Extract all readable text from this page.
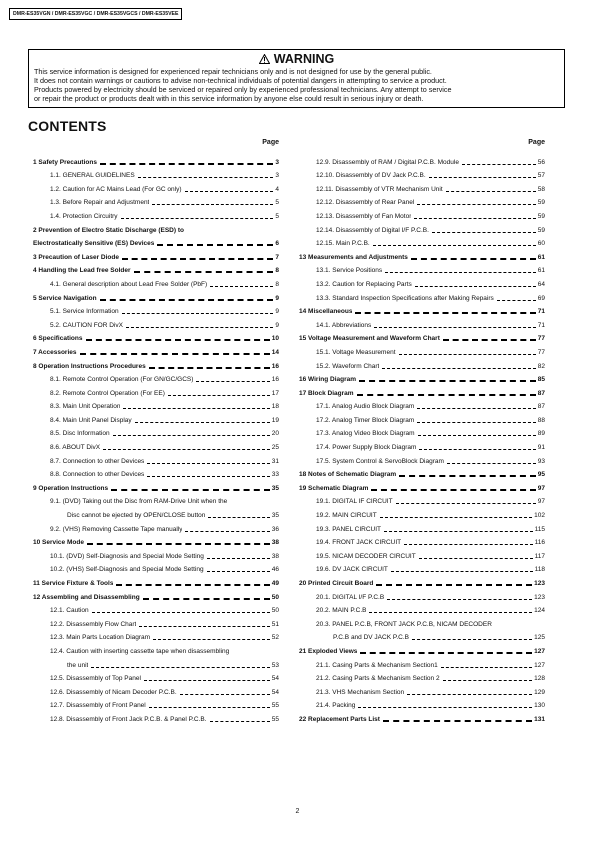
DMR-ES35VGN / DMR-ES35VGC / DMR-ES35VGCS / DMR-ES35VEE
WARNING
This service information is designed for experienced repair technicians only and is not designed for use by the general public.
It does not contain warnings or cautions to advise non-technical individuals of potential dangers in attempting to service a product.
Products powered by electricity should be serviced or repaired only by experienced professional technicians. Any attempt to service
or repair the product or products dealt with in this service information by anyone else could result in serious injury or death.
CONTENTS
Page
1 Safety Precautions	3
1.1. GENERAL GUIDELINES	3
1.2. Caution for AC Mains Lead (For GC only)	4
1.3. Before Repair and Adjustment	5
1.4. Protection Circuitry	5
2 Prevention of Electro Static Discharge (ESD) to
Electrostatically Sensitive (ES) Devices	6
3 Precaution of Laser Diode	7
4 Handling the Lead free Solder	8
4.1. General description about Lead Free Solder (PbF)	8
5 Service Navigation	9
5.1. Service Information	9
5.2. CAUTION FOR DivX	9
6 Specifications	10
7 Accessories	14
8 Operation Instructions Procedures	16
8.1. Remote Control Operation (For GN/GC/GCS)	16
8.2. Remote Control Operation (For EE)	17
8.3. Main Unit Operation	18
8.4. Main Unit Panel Display	19
8.5. Disc Information	20
8.6. ABOUT DivX	25
8.7. Connection to other Devices	31
8.8. Connection to other Devices	33
9 Operation Instructions	35
9.1. (DVD) Taking out the Disc from RAM-Drive Unit when the
Disc cannot be ejected by OPEN/CLOSE button	35
9.2. (VHS) Removing Cassette Tape manually	36
10 Service Mode	38
10.1. (DVD) Self-Diagnosis and Special Mode Setting	38
10.2. (VHS) Self-Diagnosis and Special Mode Setting	46
11 Service Fixture & Tools	49
12 Assembling and Disassembling	50
12.1. Caution	50
12.2. Disassembly Flow Chart	51
12.3. Main Parts Location Diagram	52
12.4. Caution with inserting cassette tape when disassembling
the unit	53
12.5. Disassembly of Top Panel	54
12.6. Disassembly of Nicam Decoder P.C.B.	54
12.7. Disassembly of Front Panel	55
12.8. Disassembly of Front Jack P.C.B. & Panel P.C.B.	55
Page
12.9. Disassembly of RAM / Digital P.C.B. Module	56
12.10. Disassembly of DV Jack P.C.B.	57
12.11. Disassembly of VTR Mechanism Unit	58
12.12. Disassembly of Rear Panel	59
12.13. Disassembly of Fan Motor	59
12.14. Disassembly of Digital I/F P.C.B.	59
12.15. Main P.C.B.	60
13 Measurements and Adjustments	61
13.1. Service Positions	61
13.2. Caution for Replacing Parts	64
13.3. Standard Inspection Specifications after Making Repairs	69
14 Miscellaneous	71
14.1. Abbreviations	71
15 Voltage Measurement and Waveform Chart	77
15.1. Voltage Measurement	77
15.2. Waveform Chart	82
16 Wiring Diagram	85
17 Block Diagram	87
17.1. Analog Audio Block Diagram	87
17.2. Analog Timer Block Diagram	88
17.3. Analog Video Block Diagram	89
17.4. Power Supply Block Diagram	91
17.5. System Control & ServoBlock Diagram	93
18 Notes of Schematic Diagram	95
19 Schematic Diagram	97
19.1. DIGITAL IF CIRCUIT	97
19.2. MAIN CIRCUIT	102
19.3. PANEL CIRCUIT	115
19.4. FRONT JACK CIRCUIT	116
19.5. NICAM DECODER CIRCUIT	117
19.6. DV JACK CIRCUIT	118
20 Printed Circuit Board	123
20.1. DIGITAL I/F P.C.B	123
20.2. MAIN P.C.B	124
20.3. PANEL P.C.B, FRONT JACK P.C.B, NICAM DECODER
P.C.B and DV JACK P.C.B	125
21 Exploded Views	127
21.1. Casing Parts & Mechanism Section1	127
21.2. Casing Parts & Mechanism Section 2	128
21.3. VHS Mechanism Section	129
21.4. Packing	130
22 Replacement Parts List	131
2
